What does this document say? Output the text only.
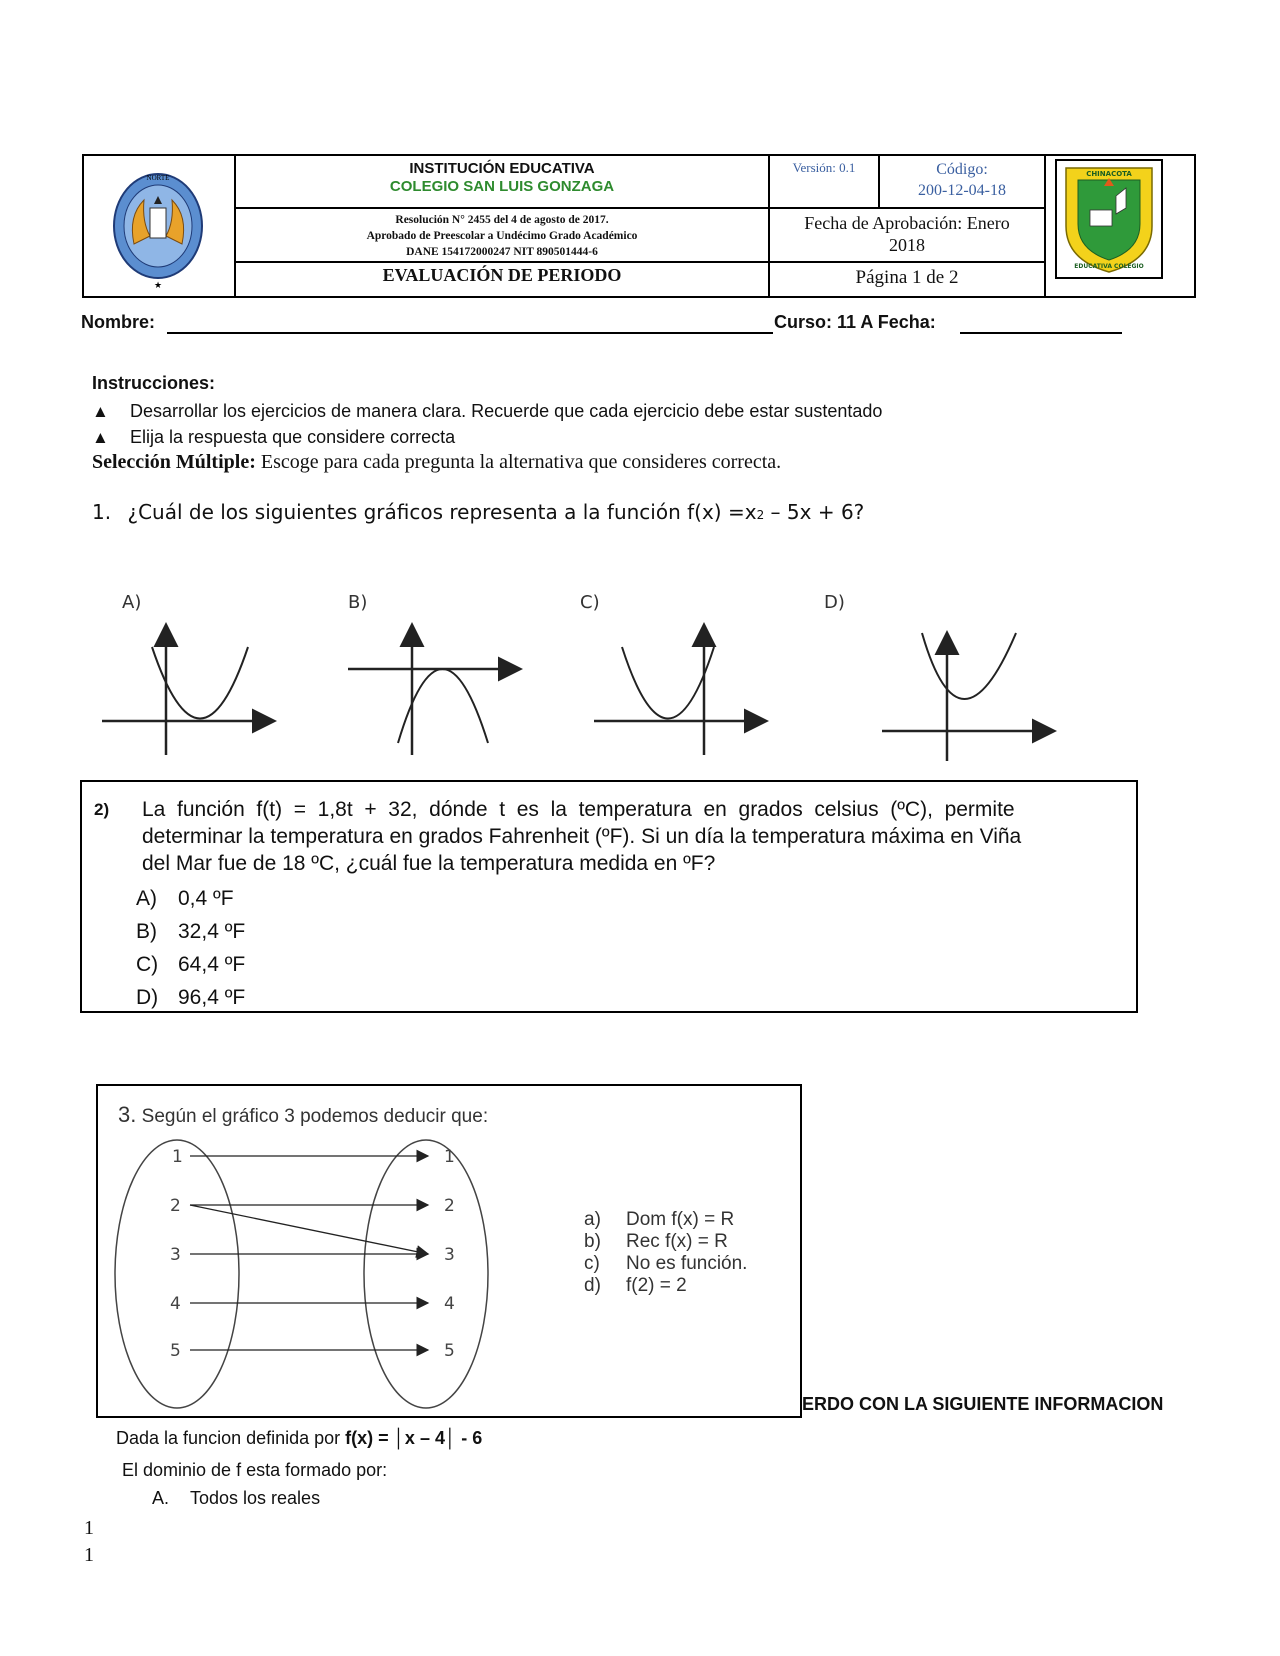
NORTE
★
INSTITUCIÓN EDUCATIVA
COLEGIO SAN LUIS GONZAGA
Resolución N° 2455 del 4 de agosto de 2017.
Aprobado de Preescolar a Undécimo Grado Académico
DANE 154172000247 NIT 890501444-6
EVALUACIÓN DE PERIODO
Versión: 0.1	Código:
200-12-04-18
Fecha de Aprobación: Enero
2018
Página 1 de 2
CHINACOTA
EDUCATIVA COLEGIO
Nombre:	Curso: 11 A Fecha:
Instrucciones:
▲ Desarrollar los ejercicios de manera clara. Recuerde que cada ejercicio debe estar sustentado
▲ Elija la respuesta que considere correcta
Selección Múltiple: Escoge para cada pregunta la alternativa que consideres correcta.
1. ¿Cuál de los siguientes gráficos representa a la función f(x) =x2 – 5x + 6?
A)	B)	C)	D)
2) La  función  f(t)  =  1,8t  +  32,  dónde  t  es  la  temperatura  en  grados  celsius  (ºC),  permite
determinar la temperatura en grados Fahrenheit (ºF). Si un día la temperatura máxima en Viña
del Mar fue de 18 ºC, ¿cuál fue la temperatura medida en ºF?
A) 0,4 ºF
B) 32,4 ºF
C) 64,4 ºF
D) 96,4 ºF
ERDO CON LA SIGUIENTE INFORMACION
3. Según el gráfico 3 podemos deducir que:
1
2
3
4
5
1
2
3
4
5
a) Dom f(x) = R
b) Rec f(x) = R
c) No es función.
d) f(2) = 2
Dada la funcion definida por f(x) = │x – 4│ - 6
El dominio de f esta formado por:
A. Todos los reales
1
1
